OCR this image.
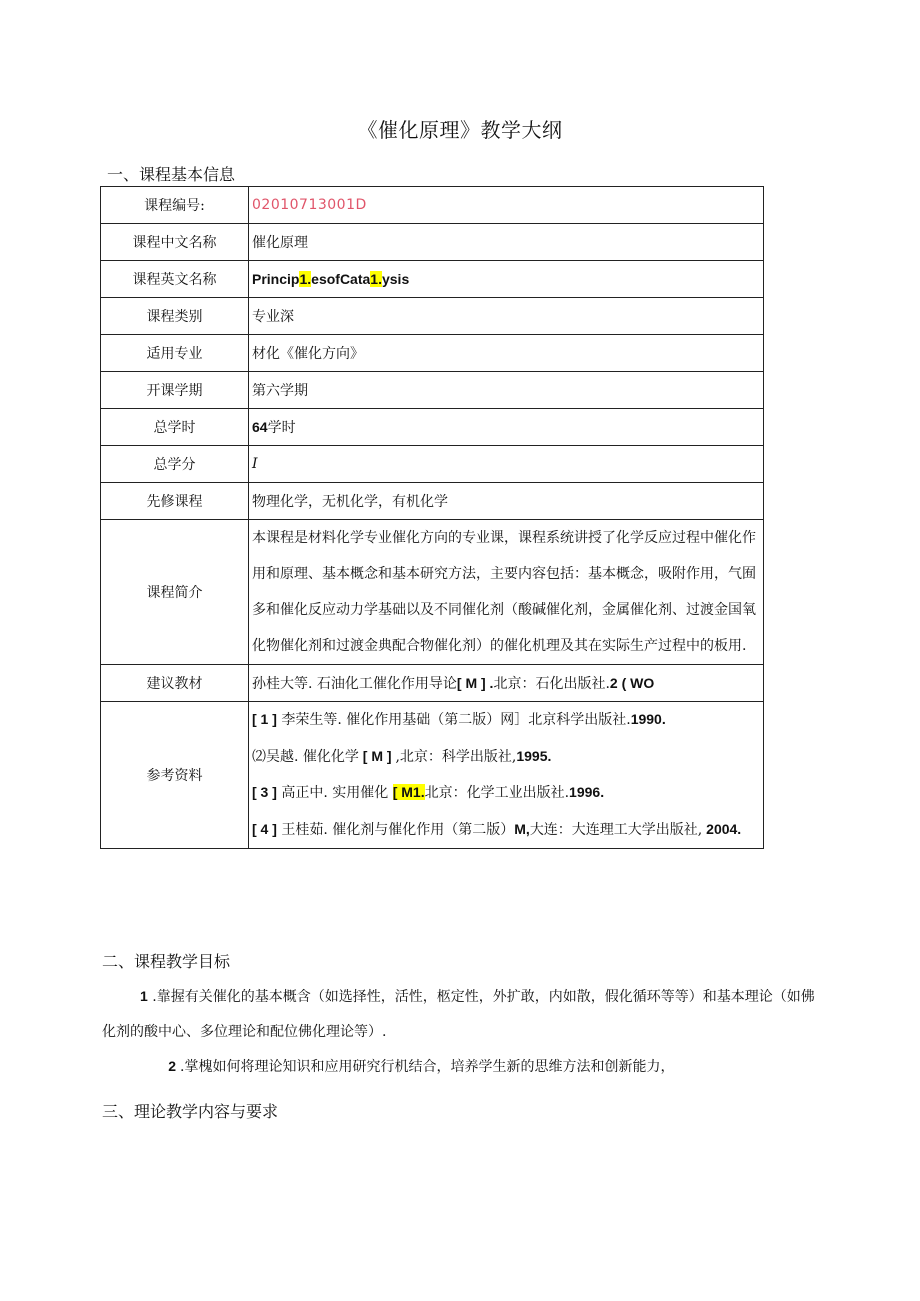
《催化原理》教学大纲
一、课程基本信息
课程编号:	02010713001D
课程中文名称	催化原理
课程英文名称	Princip1.esofCata1.ysis
课程类别	专业深
适用专业	材化《催化方向》
开课学期	第六学期
总学时	64学时
总学分	I
先修课程	物理化学，无机化学，有机化学
课程简介	本课程是材料化学专业催化方向的专业课，课程系统讲授了化学反应过程中催化作用和原理、基本概念和基本研究方法，主要内容包括：基本概念，吸附作用，气囿多和催化反应动力学基础以及不同催化剂（酸碱催化剂，金属催化剂、过渡金国氧化物催化剂和过渡金典配合物催化剂）的催化机理及其在实际生产过程中的板用.
建议教材	孙桂大等. 石油化工催化作用导论[ M ] .北京：石化出版社.2 ( WO
参考资料	[ 1 ] 李荣生等. 催化作用基础（第二版）网］北京科学出版社.1990.
⑵吴越. 催化化学 [ M ] ,北京：科学出版社,1995.
[ 3 ] 高正中. 实用催化 [ M1.北京：化学工业出版社.1996.
[ 4 ] 王桂茹. 催化剂与催化作用（第二版）M,大连：大连理工大学出版社, 2004.
二、课程教学目标
1 .靠握有关催化的基本概含（如选择性，活性，柩定性，外扩敢，内如散，假化循环等等）和基本理论（如佛化剂的酸中心、多位理论和配位佛化理论等）.
2 .掌槐如何将理论知识和应用研究行机结合，培养学生新的思维方法和创新能力，
三、理论教学内容与要求
